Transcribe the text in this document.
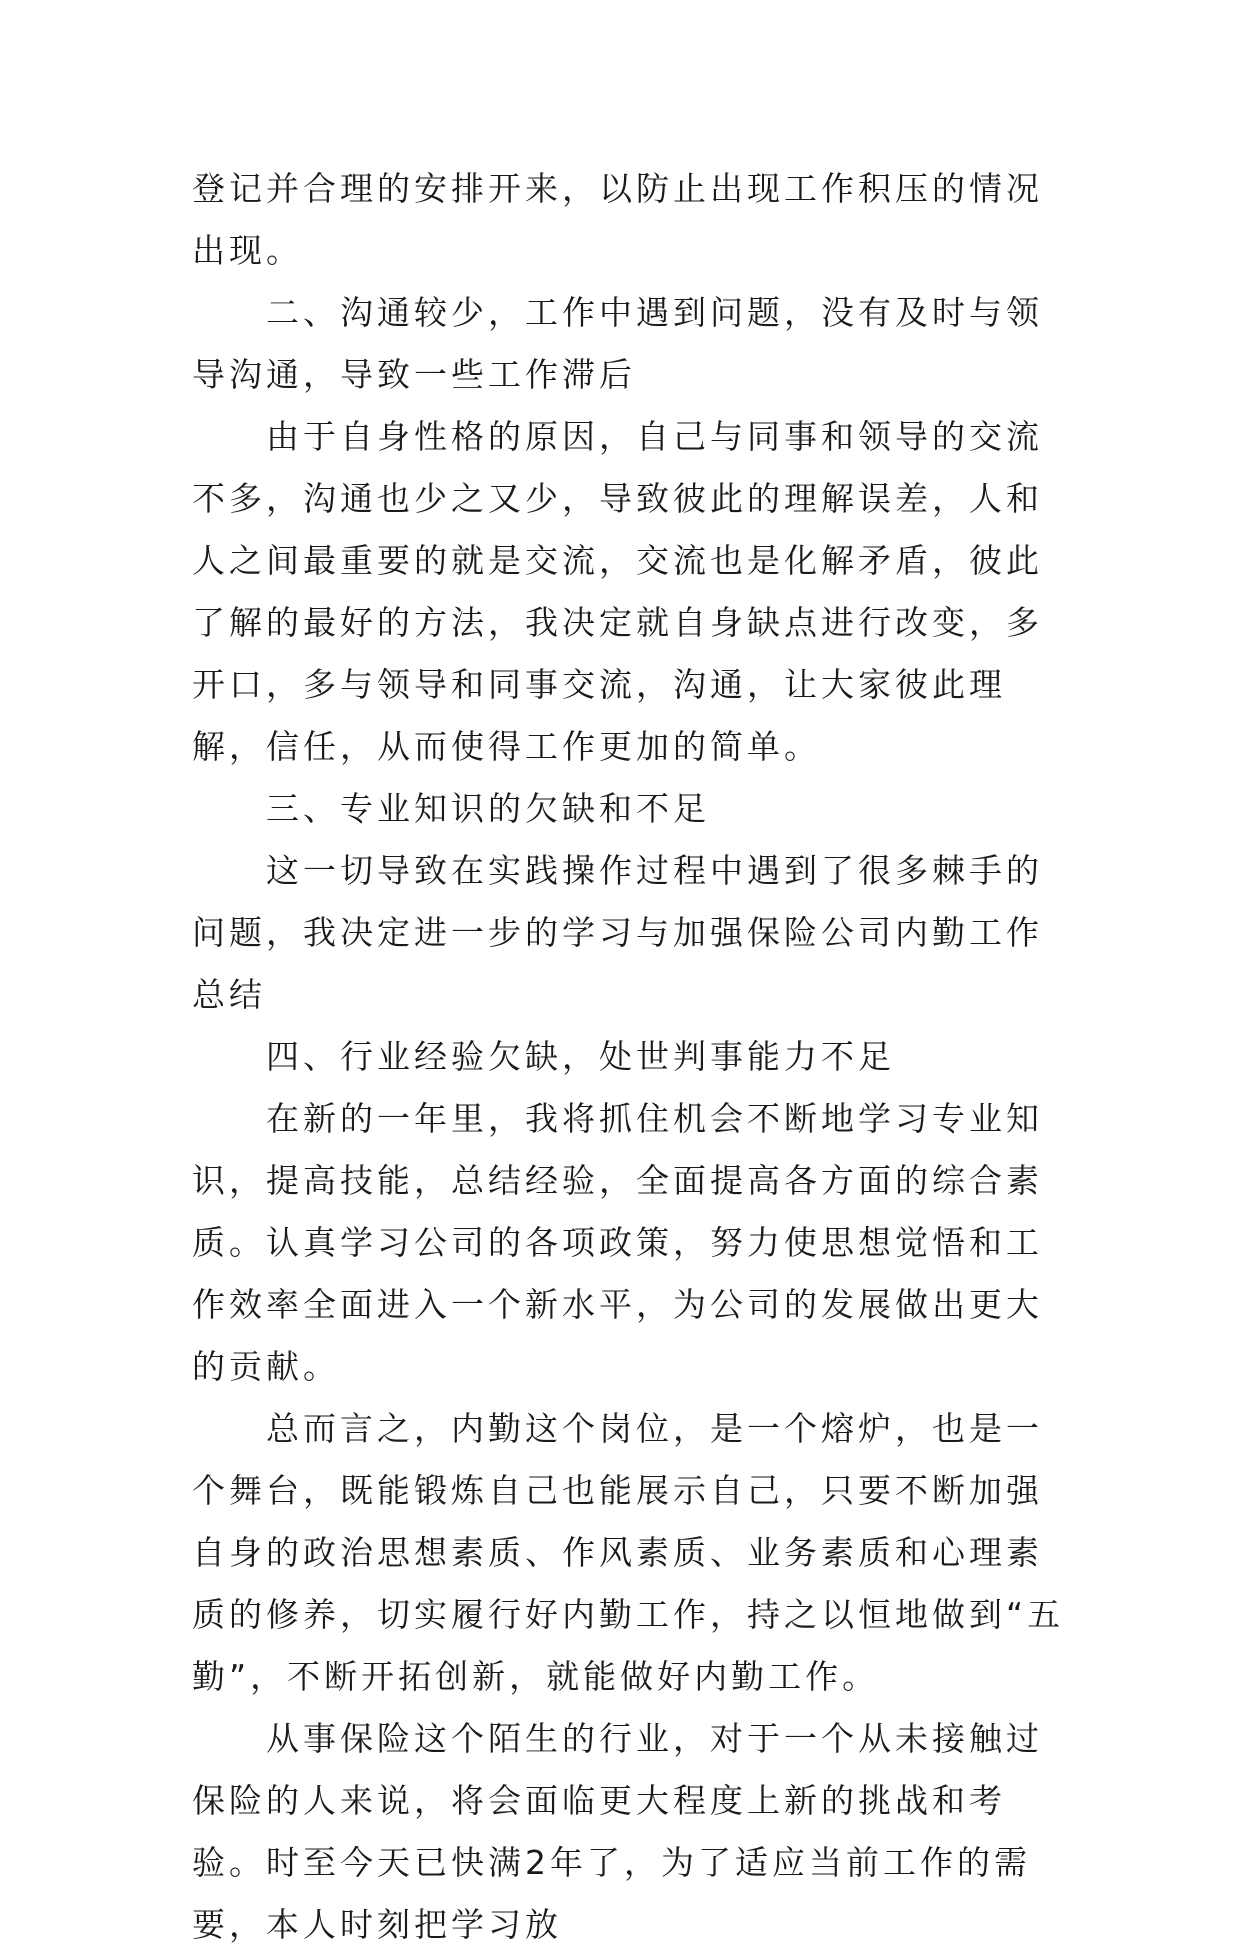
登记并合理的安排开来，以防止出现工作积压的情况出现。

二、沟通较少，工作中遇到问题，没有及时与领导沟通，导致一些工作滞后

由于自身性格的原因，自己与同事和领导的交流不多，沟通也少之又少，导致彼此的理解误差，人和人之间最重要的就是交流，交流也是化解矛盾，彼此了解的最好的方法，我决定就自身缺点进行改变，多开口，多与领导和同事交流，沟通，让大家彼此理解，信任，从而使得工作更加的简单。

三、专业知识的欠缺和不足

这一切导致在实践操作过程中遇到了很多棘手的问题，我决定进一步的学习与加强保险公司内勤工作总结

四、行业经验欠缺，处世判事能力不足

在新的一年里，我将抓住机会不断地学习专业知识，提高技能，总结经验，全面提高各方面的综合素质。认真学习公司的各项政策，努力使思想觉悟和工作效率全面进入一个新水平，为公司的发展做出更大的贡献。

总而言之，内勤这个岗位，是一个熔炉，也是一个舞台，既能锻炼自己也能展示自己，只要不断加强自身的政治思想素质、作风素质、业务素质和心理素质的修养，切实履行好内勤工作，持之以恒地做到“五勤”，不断开拓创新，就能做好内勤工作。

从事保险这个陌生的行业，对于一个从未接触过保险的人来说，将会面临更大程度上新的挑战和考验。时至今天已快满2年了，为了适应当前工作的需要，本人时刻把学习放
